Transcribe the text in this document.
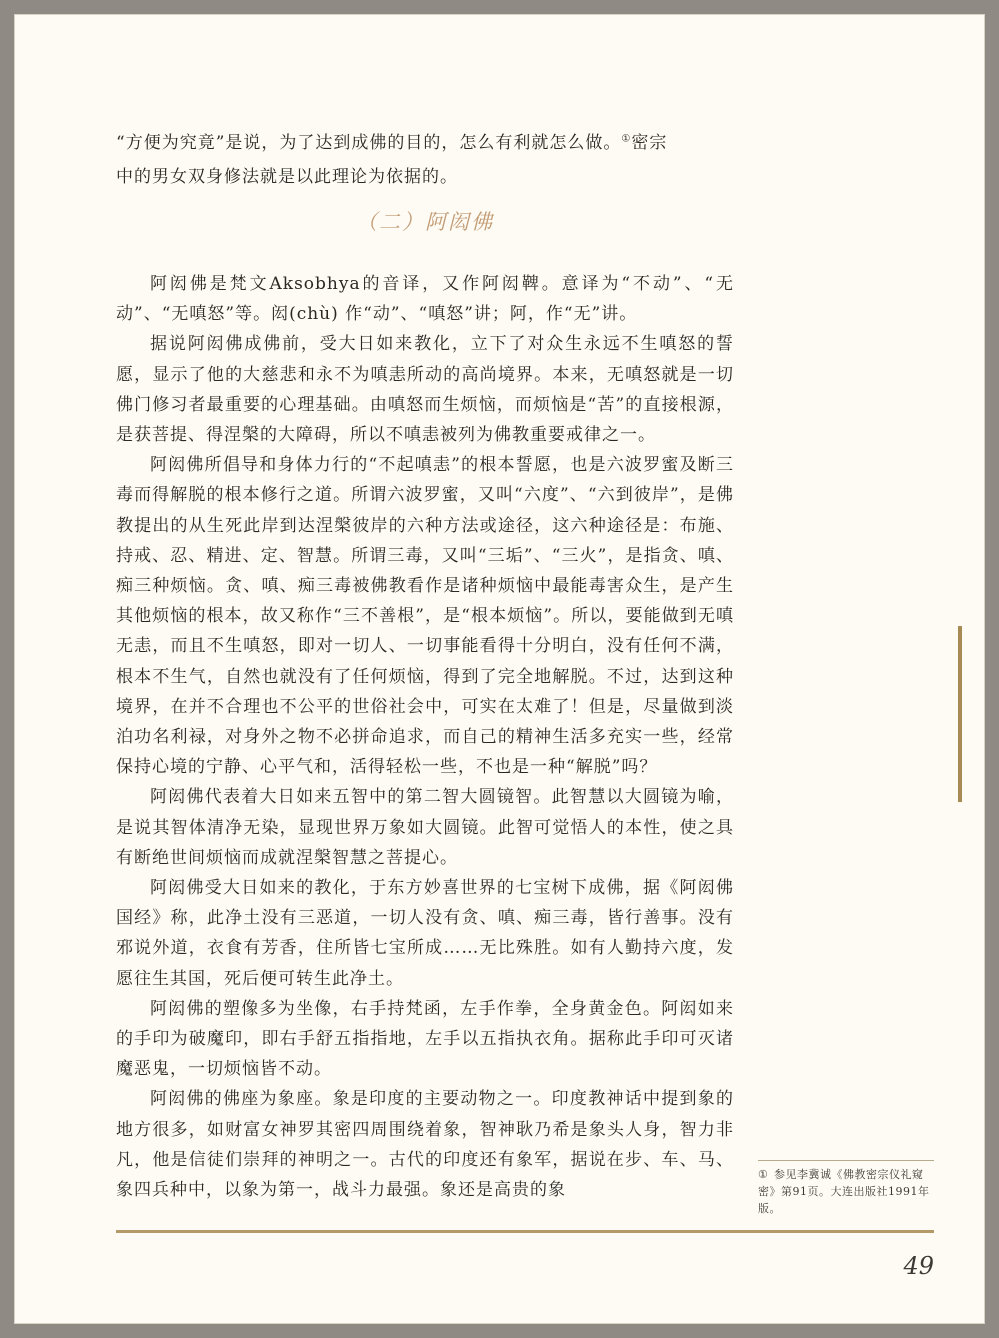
“方便为究竟”是说，为了达到成佛的目的，怎么有利就怎么做。①密宗

中的男女双身修法就是以此理论为依据的。

（二）阿闳佛

阿闳佛是梵文Aksobhya的音译，又作阿闳鞞。意译为“不动”、“无动”、“无嗔怒”等。闳(chù) 作“动”、“嗔怒”讲；阿，作“无”讲。

据说阿闳佛成佛前，受大日如来教化，立下了对众生永远不生嗔怒的誓愿，显示了他的大慈悲和永不为嗔恚所动的高尚境界。本来，无嗔怒就是一切佛门修习者最重要的心理基础。由嗔怒而生烦恼，而烦恼是“苦”的直接根源，是获菩提、得涅槃的大障碍，所以不嗔恚被列为佛教重要戒律之一。

阿闳佛所倡导和身体力行的“不起嗔恚”的根本誓愿，也是六波罗蜜及断三毒而得解脱的根本修行之道。所谓六波罗蜜，又叫“六度”、“六到彼岸”，是佛教提出的从生死此岸到达涅槃彼岸的六种方法或途径，这六种途径是：布施、持戒、忍、精进、定、智慧。所谓三毒，又叫“三垢”、“三火”，是指贪、嗔、痴三种烦恼。贪、嗔、痴三毒被佛教看作是诸种烦恼中最能毒害众生，是产生其他烦恼的根本，故又称作“三不善根”，是“根本烦恼”。所以，要能做到无嗔无恚，而且不生嗔怒，即对一切人、一切事能看得十分明白，没有任何不满，根本不生气，自然也就没有了任何烦恼，得到了完全地解脱。不过，达到这种境界，在并不合理也不公平的世俗社会中，可实在太难了！但是，尽量做到淡泊功名利禄，对身外之物不必拼命追求，而自己的精神生活多充实一些，经常保持心境的宁静、心平气和，活得轻松一些，不也是一种“解脱”吗？

阿闳佛代表着大日如来五智中的第二智大圆镜智。此智慧以大圆镜为喻，是说其智体清净无染，显现世界万象如大圆镜。此智可觉悟人的本性，使之具有断绝世间烦恼而成就涅槃智慧之菩提心。

阿闳佛受大日如来的教化，于东方妙喜世界的七宝树下成佛，据《阿闳佛国经》称，此净土没有三恶道，一切人没有贪、嗔、痴三毒，皆行善事。没有邪说外道，衣食有芳香，住所皆七宝所成……无比殊胜。如有人勤持六度，发愿往生其国，死后便可转生此净土。

阿闳佛的塑像多为坐像，右手持梵函，左手作拳，全身黄金色。阿闳如来的手印为破魔印，即右手舒五指指地，左手以五指执衣角。据称此手印可灭诸魔恶鬼，一切烦恼皆不动。

阿闳佛的佛座为象座。象是印度的主要动物之一。印度教神话中提到象的地方很多，如财富女神罗其密四周围绕着象，智神耿乃希是象头人身，智力非凡，他是信徒们崇拜的神明之一。古代的印度还有象军，据说在步、车、马、象四兵种中，以象为第一，战斗力最强。象还是高贵的象

① 参见李冀诚《佛教密宗仪礼窥密》第91页。大连出版社1991年版。
49
